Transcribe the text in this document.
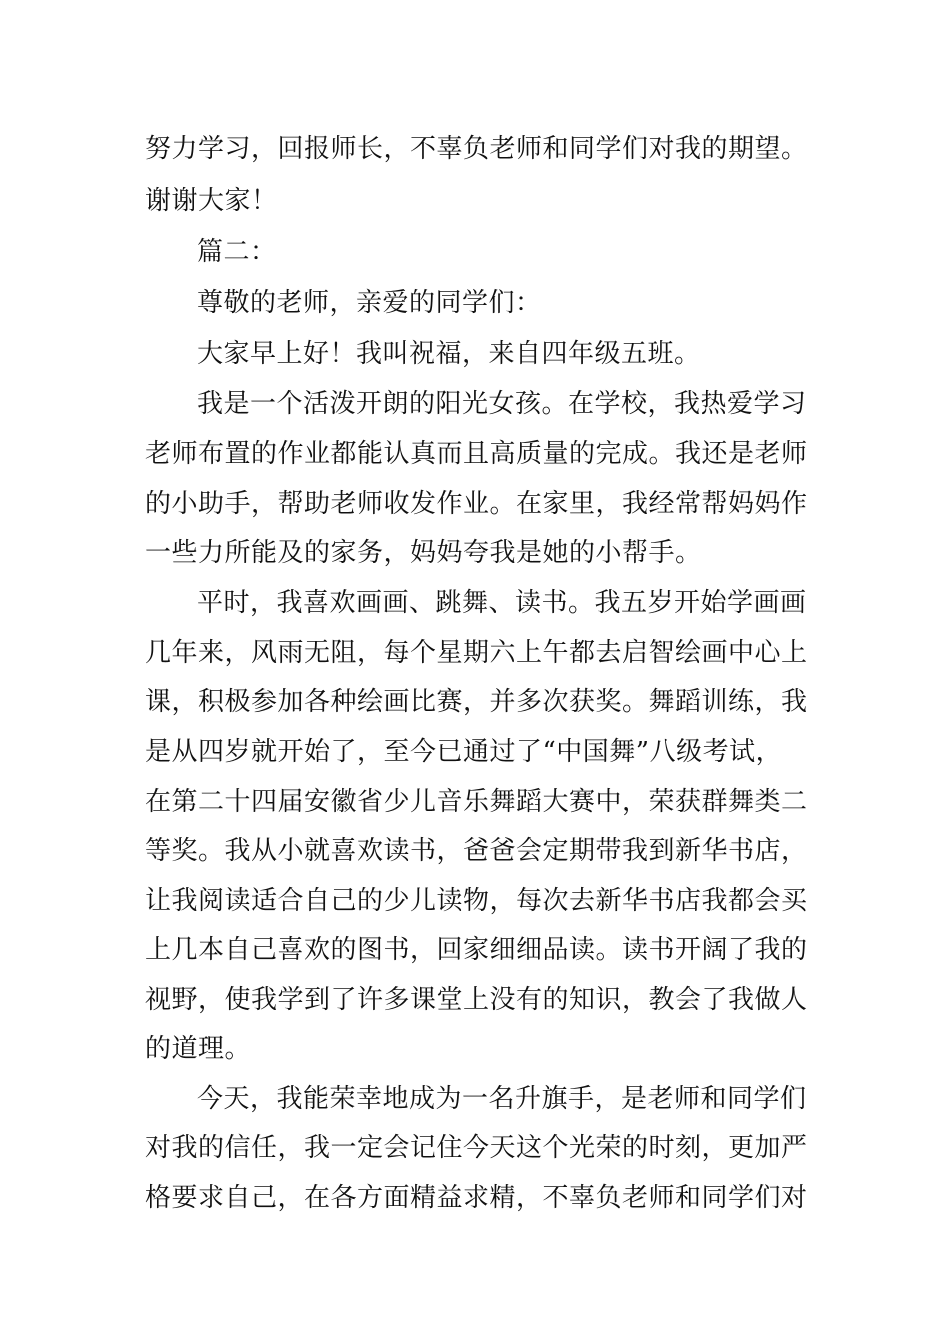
努力学习，回报师长，不辜负老师和同学们对我的期望。
谢谢大家！
篇二：
尊敬的老师，亲爱的同学们：
大家早上好！我叫祝福，来自四年级五班。
我是一个活泼开朗的阳光女孩。在学校，我热爱学习
老师布置的作业都能认真而且高质量的完成。我还是老师
的小助手，帮助老师收发作业。在家里，我经常帮妈妈作
一些力所能及的家务，妈妈夸我是她的小帮手。
平时，我喜欢画画、跳舞、读书。我五岁开始学画画
几年来，风雨无阻，每个星期六上午都去启智绘画中心上
课，积极参加各种绘画比赛，并多次获奖。舞蹈训练，我
是从四岁就开始了，至今已通过了“中国舞”八级考试，
在第二十四届安徽省少儿音乐舞蹈大赛中，荣获群舞类二
等奖。我从小就喜欢读书，爸爸会定期带我到新华书店，
让我阅读适合自己的少儿读物，每次去新华书店我都会买
上几本自己喜欢的图书，回家细细品读。读书开阔了我的
视野，使我学到了许多课堂上没有的知识，教会了我做人
的道理。
今天，我能荣幸地成为一名升旗手，是老师和同学们
对我的信任，我一定会记住今天这个光荣的时刻，更加严
格要求自己，在各方面精益求精，不辜负老师和同学们对
